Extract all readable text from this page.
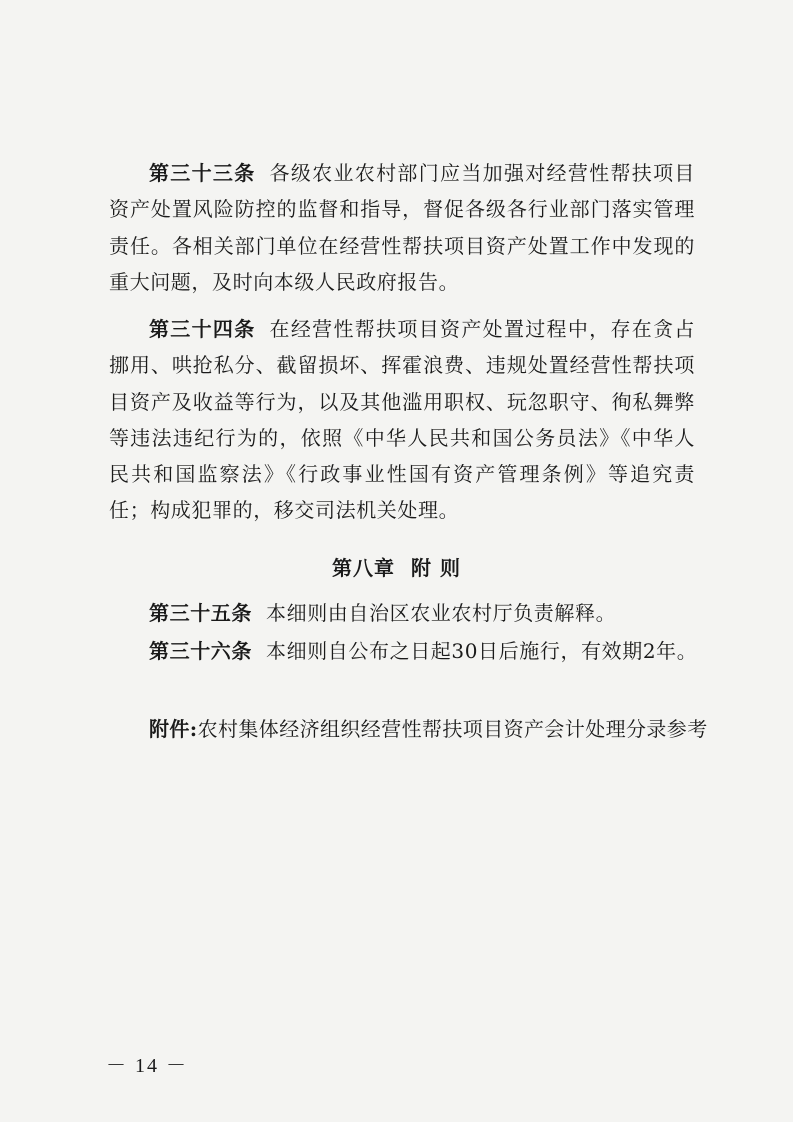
第三十三条 各级农业农村部门应当加强对经营性帮扶项目资产处置风险防控的监督和指导，督促各级各行业部门落实管理责任。各相关部门单位在经营性帮扶项目资产处置工作中发现的重大问题，及时向本级人民政府报告。

第三十四条 在经营性帮扶项目资产处置过程中，存在贪占挪用、哄抢私分、截留损坏、挥霍浪费、违规处置经营性帮扶项目资产及收益等行为，以及其他滥用职权、玩忽职守、徇私舞弊等违法违纪行为的，依照《中华人民共和国公务员法》《中华人民共和国监察法》《行政事业性国有资产管理条例》等追究责任；构成犯罪的，移交司法机关处理。

第八章 附 则
第三十五条 本细则由自治区农业农村厅负责解释。
第三十六条 本细则自公布之日起30日后施行，有效期2年。
附件:农村集体经济组织经营性帮扶项目资产会计处理分录参考
－ 14 －
